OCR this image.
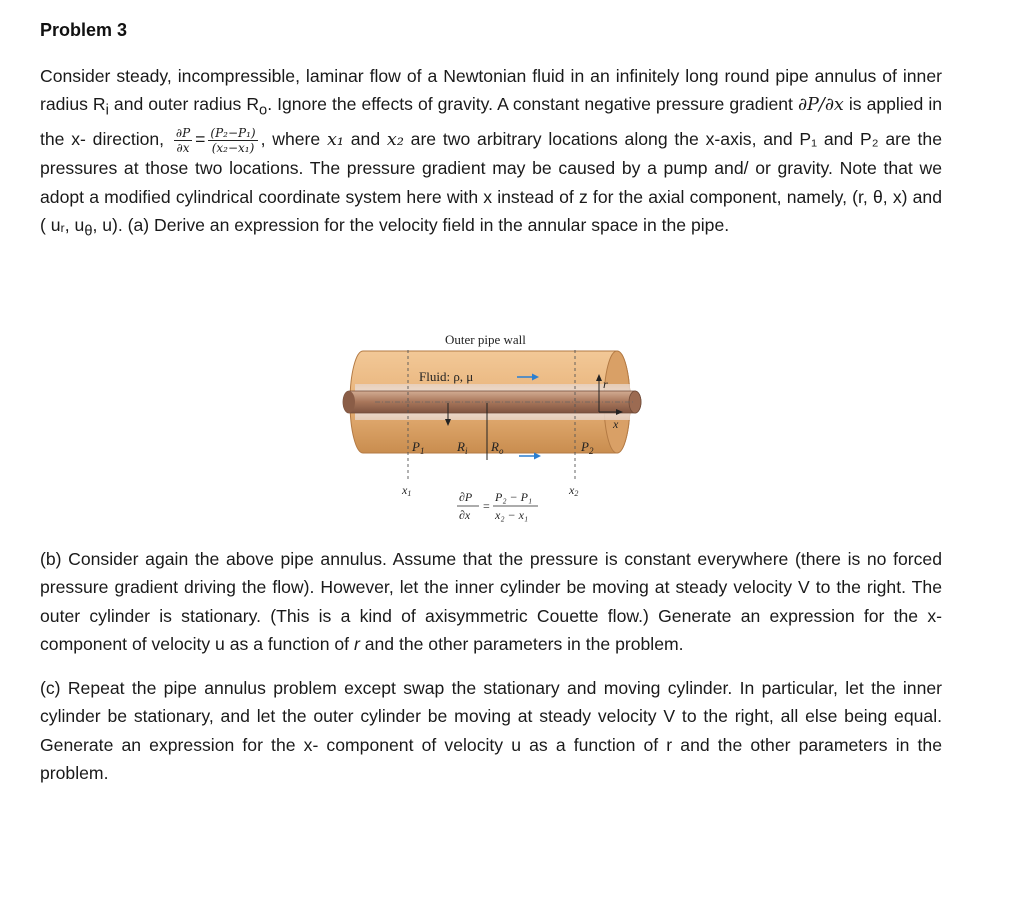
Problem 3
Consider steady, incompressible, laminar flow of a Newtonian fluid in an infinitely long round pipe annulus of inner radius $R_i$ and outer radius $R_o$. Ignore the effects of gravity. A constant negative pressure gradient ∂P/∂x is applied in the x- direction, $\frac{\partial P}{\partial x} = \frac{\text{(P₂−P₁)}}{\text{(x₂−x₁)}}$ , where x₁ and x₂ are two arbitrary locations along the x-axis, and P₁ and P₂ are the pressures at those two locations. The pressure gradient may be caused by a pump and/ or gravity. Note that we adopt a modified cylindrical coordinate system here with x instead of z for the axial component, namely, (r, θ, x) and ( uᵣ, $u_\theta$, u). (a) Derive an expression for the velocity field in the annular space in the pipe.
Outer pipe wall
Fluid: ρ, μ	r
x
$P_1$	$P_2$
$R_i$ $R_o$
x1	x2
∂P
∂x
=
P₂ − P₁
x₂ − x₁
(b) Consider again the above pipe annulus. Assume that the pressure is constant everywhere (there is no forced pressure gradient driving the flow). However, let the inner cylinder be moving at steady velocity V to the right. The outer cylinder is stationary. (This is a kind of axisymmetric Couette flow.) Generate an expression for the x- component of velocity u as a function of r and the other parameters in the problem.
(c) Repeat the pipe annulus problem except swap the stationary and moving cylinder. In particular, let the inner cylinder be stationary, and let the outer cylinder be moving at steady velocity V to the right, all else being equal. Generate an expression for the x- component of velocity u as a function of r and the other parameters in the problem.
